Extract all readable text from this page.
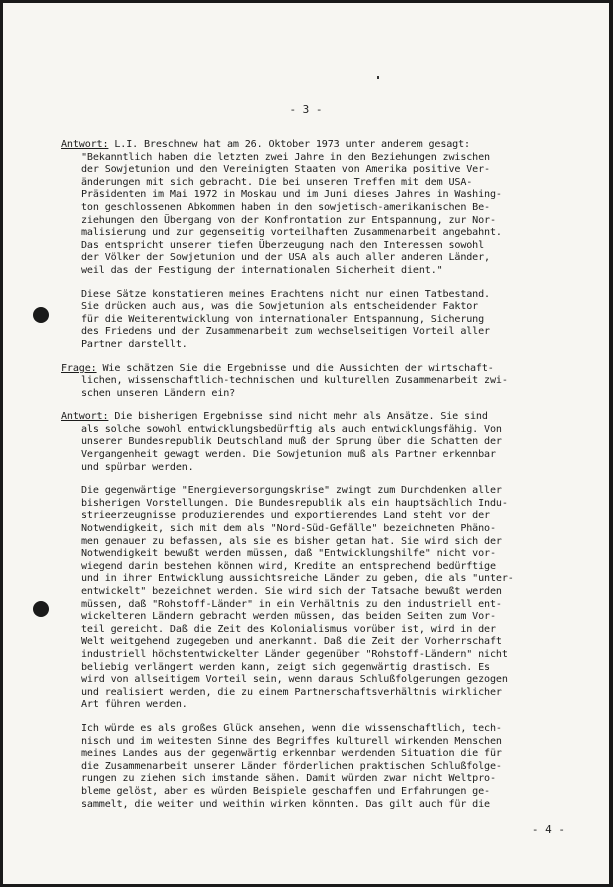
- 3 -
Antwort: L.I. Breschnew hat am 26. Oktober 1973 unter anderem gesagt:
"Bekanntlich haben die letzten zwei Jahre in den Beziehungen zwischen
der Sowjetunion und den Vereinigten Staaten von Amerika positive Ver-
änderungen mit sich gebracht. Die bei unseren Treffen mit dem USA-
Präsidenten im Mai 1972 in Moskau und im Juni dieses Jahres in Washing-
ton geschlossenen Abkommen haben in den sowjetisch-amerikanischen Be-
ziehungen den Übergang von der Konfrontation zur Entspannung, zur Nor-
malisierung und zur gegenseitig vorteilhaften Zusammenarbeit angebahnt.
Das entspricht unserer tiefen Überzeugung nach den Interessen sowohl
der Völker der Sowjetunion und der USA als auch aller anderen Länder,
weil das der Festigung der internationalen Sicherheit dient."
Diese Sätze konstatieren meines Erachtens nicht nur einen Tatbestand.
Sie drücken auch aus, was die Sowjetunion als entscheidender Faktor
für die Weiterentwicklung von internationaler Entspannung, Sicherung
des Friedens und der Zusammenarbeit zum wechselseitigen Vorteil aller
Partner darstellt.
Frage: Wie schätzen Sie die Ergebnisse und die Aussichten der wirtschaft-
lichen, wissenschaftlich-technischen und kulturellen Zusammenarbeit zwi-
schen unseren Ländern ein?
Antwort: Die bisherigen Ergebnisse sind nicht mehr als Ansätze. Sie sind
als solche sowohl entwicklungsbedürftig als auch entwicklungsfähig. Von
unserer Bundesrepublik Deutschland muß der Sprung über die Schatten der
Vergangenheit gewagt werden. Die Sowjetunion muß als Partner erkennbar
und spürbar werden.
Die gegenwärtige "Energieversorgungskrise" zwingt zum Durchdenken aller
bisherigen Vorstellungen. Die Bundesrepublik als ein hauptsächlich Indu-
strieerzeugnisse produzierendes und exportierendes Land steht vor der
Notwendigkeit, sich mit dem als "Nord-Süd-Gefälle" bezeichneten Phäno-
men genauer zu befassen, als sie es bisher getan hat. Sie wird sich der
Notwendigkeit bewußt werden müssen, daß "Entwicklungshilfe" nicht vor-
wiegend darin bestehen können wird, Kredite an entsprechend bedürftige
und in ihrer Entwicklung aussichtsreiche Länder zu geben, die als "unter-
entwickelt" bezeichnet werden. Sie wird sich der Tatsache bewußt werden
müssen, daß "Rohstoff-Länder" in ein Verhältnis zu den industriell ent-
wickelteren Ländern gebracht werden müssen, das beiden Seiten zum Vor-
teil gereicht. Daß die Zeit des Kolonialismus vorüber ist, wird in der
Welt weitgehend zugegeben und anerkannt. Daß die Zeit der Vorherrschaft
industriell höchstentwickelter Länder gegenüber "Rohstoff-Ländern" nicht
beliebig verlängert werden kann, zeigt sich gegenwärtig drastisch. Es
wird von allseitigem Vorteil sein, wenn daraus Schlußfolgerungen gezogen
und realisiert werden, die zu einem Partnerschaftsverhältnis wirklicher
Art führen werden.
Ich würde es als großes Glück ansehen, wenn die wissenschaftlich, tech-
nisch und im weitesten Sinne des Begriffes kulturell wirkenden Menschen
meines Landes aus der gegenwärtig erkennbar werdenden Situation die für
die Zusammenarbeit unserer Länder förderlichen praktischen Schlußfolge-
rungen zu ziehen sich imstande sähen. Damit würden zwar nicht Weltpro-
bleme gelöst, aber es würden Beispiele geschaffen und Erfahrungen ge-
sammelt, die weiter und weithin wirken könnten. Das gilt auch für die
- 4 -
